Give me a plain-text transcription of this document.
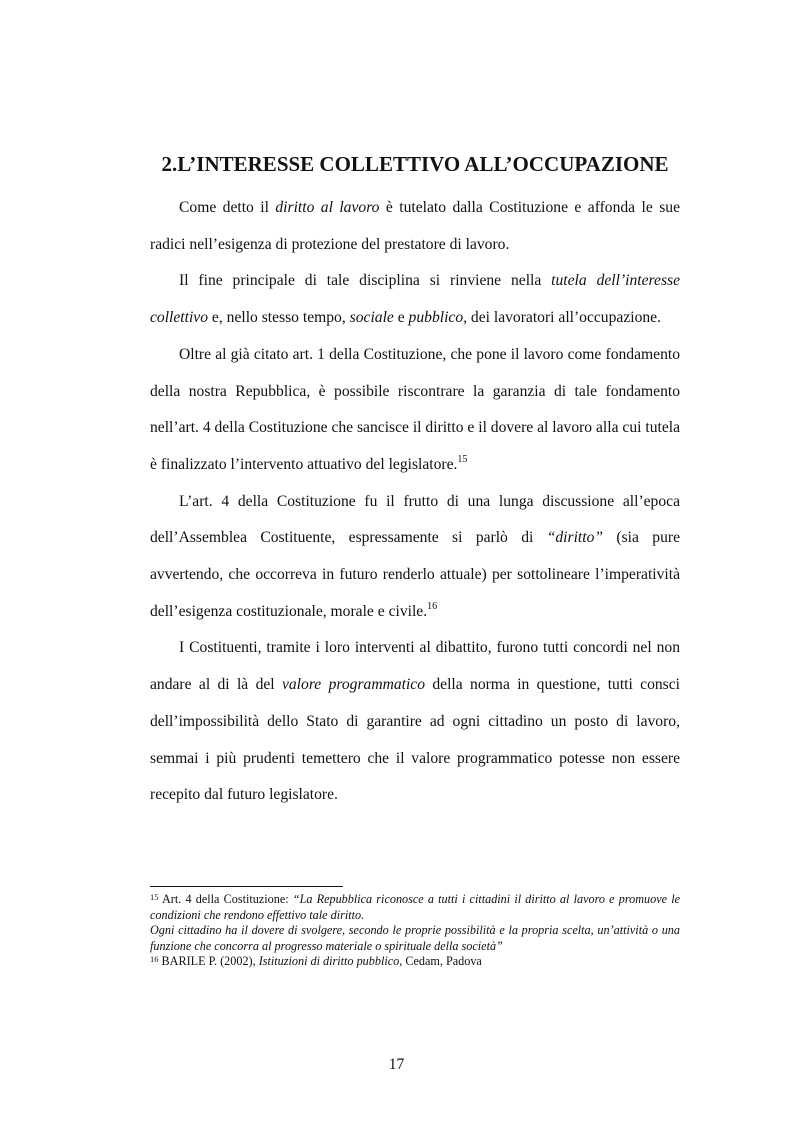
2.L’INTERESSE COLLETTIVO ALL’OCCUPAZIONE

Come detto il diritto al lavoro è tutelato dalla Costituzione e affonda le sue radici nell’esigenza di protezione del prestatore di lavoro.

Il fine principale di tale disciplina si rinviene nella tutela dell’interesse collettivo e, nello stesso tempo, sociale e pubblico, dei lavoratori all’occupazione.

Oltre al già citato art. 1 della Costituzione, che pone il lavoro come fondamento della nostra Repubblica, è possibile riscontrare la garanzia di tale fondamento nell’art. 4 della Costituzione che sancisce il diritto e il dovere al lavoro alla cui tutela è finalizzato l’intervento attuativo del legislatore.$^{15}$

L’art. 4 della Costituzione fu il frutto di una lunga discussione all’epoca dell’Assemblea Costituente, espressamente si parlò di “diritto” (sia pure avvertendo, che occorreva in futuro renderlo attuale) per sottolineare l’imperatività dell’esigenza costituzionale, morale e civile.$^{16}$

I Costituenti, tramite i loro interventi al dibattito, furono tutti concordi nel non andare al di là del valore programmatico della norma in questione, tutti consci dell’impossibilità dello Stato di garantire ad ogni cittadino un posto di lavoro, semmai i più prudenti temettero che il valore programmatico potesse non essere recepito dal futuro legislatore.

$^{15}$ Art. 4 della Costituzione: “La Repubblica riconosce a tutti i cittadini il diritto al lavoro e promuove le condizioni che rendono effettivo tale diritto.
Ogni cittadino ha il dovere di svolgere, secondo le proprie possibilità e la propria scelta, un’attività o una funzione che concorra al progresso materiale o spirituale della società”

$^{16}$ BARILE P. (2002), Istituzioni di diritto pubblico, Cedam, Padova

17
